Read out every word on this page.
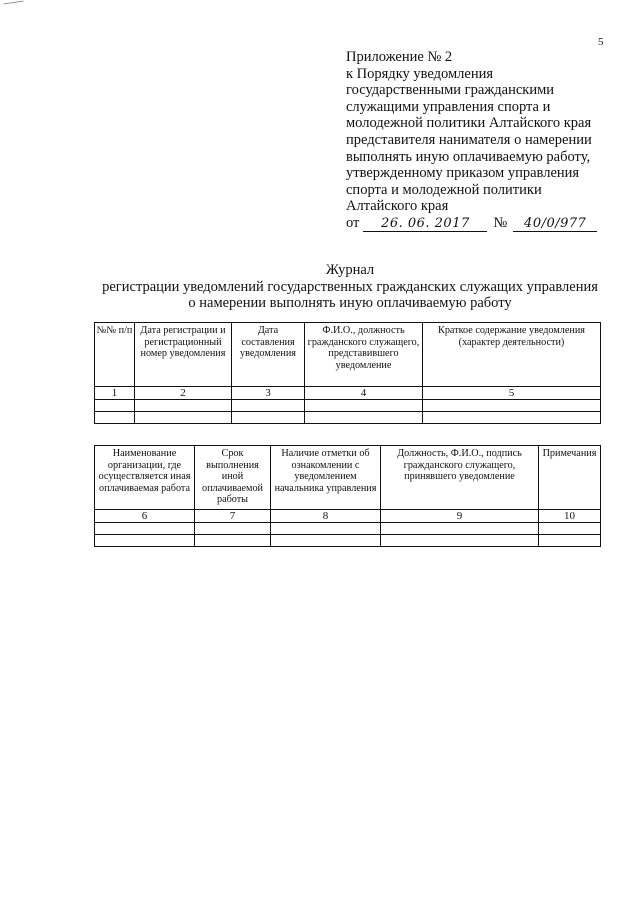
5
Приложение № 2
к Порядку уведомления
государственными гражданскими
служащими управления спорта и
молодежной политики Алтайского края
представителя нанимателя о намерении
выполнять иную оплачиваемую работу,
утвержденному приказом управления
спорта и молодежной политики
Алтайского края
от	26. 06. 2017	№	40/0/977
Журнал
регистрации уведомлений государственных гражданских служащих управления
о намерении выполнять иную оплачиваемую работу
№№ п/п	Дата регистрации и регистрационный номер уведомления	Дата составления уведомления	Ф.И.О., должность гражданского служащего, представившего уведомление	Краткое содержание уведомления (характер деятельности)
1	2	3	4	5

Наименование организации, где осуществляется иная оплачиваемая работа	Срок выполнения иной оплачиваемой работы	Наличие отметки об ознакомлении с уведомлением начальника управления	Должность, Ф.И.О., подпись гражданского служащего, принявшего уведомление	Примечания
6	7	8	9	10
